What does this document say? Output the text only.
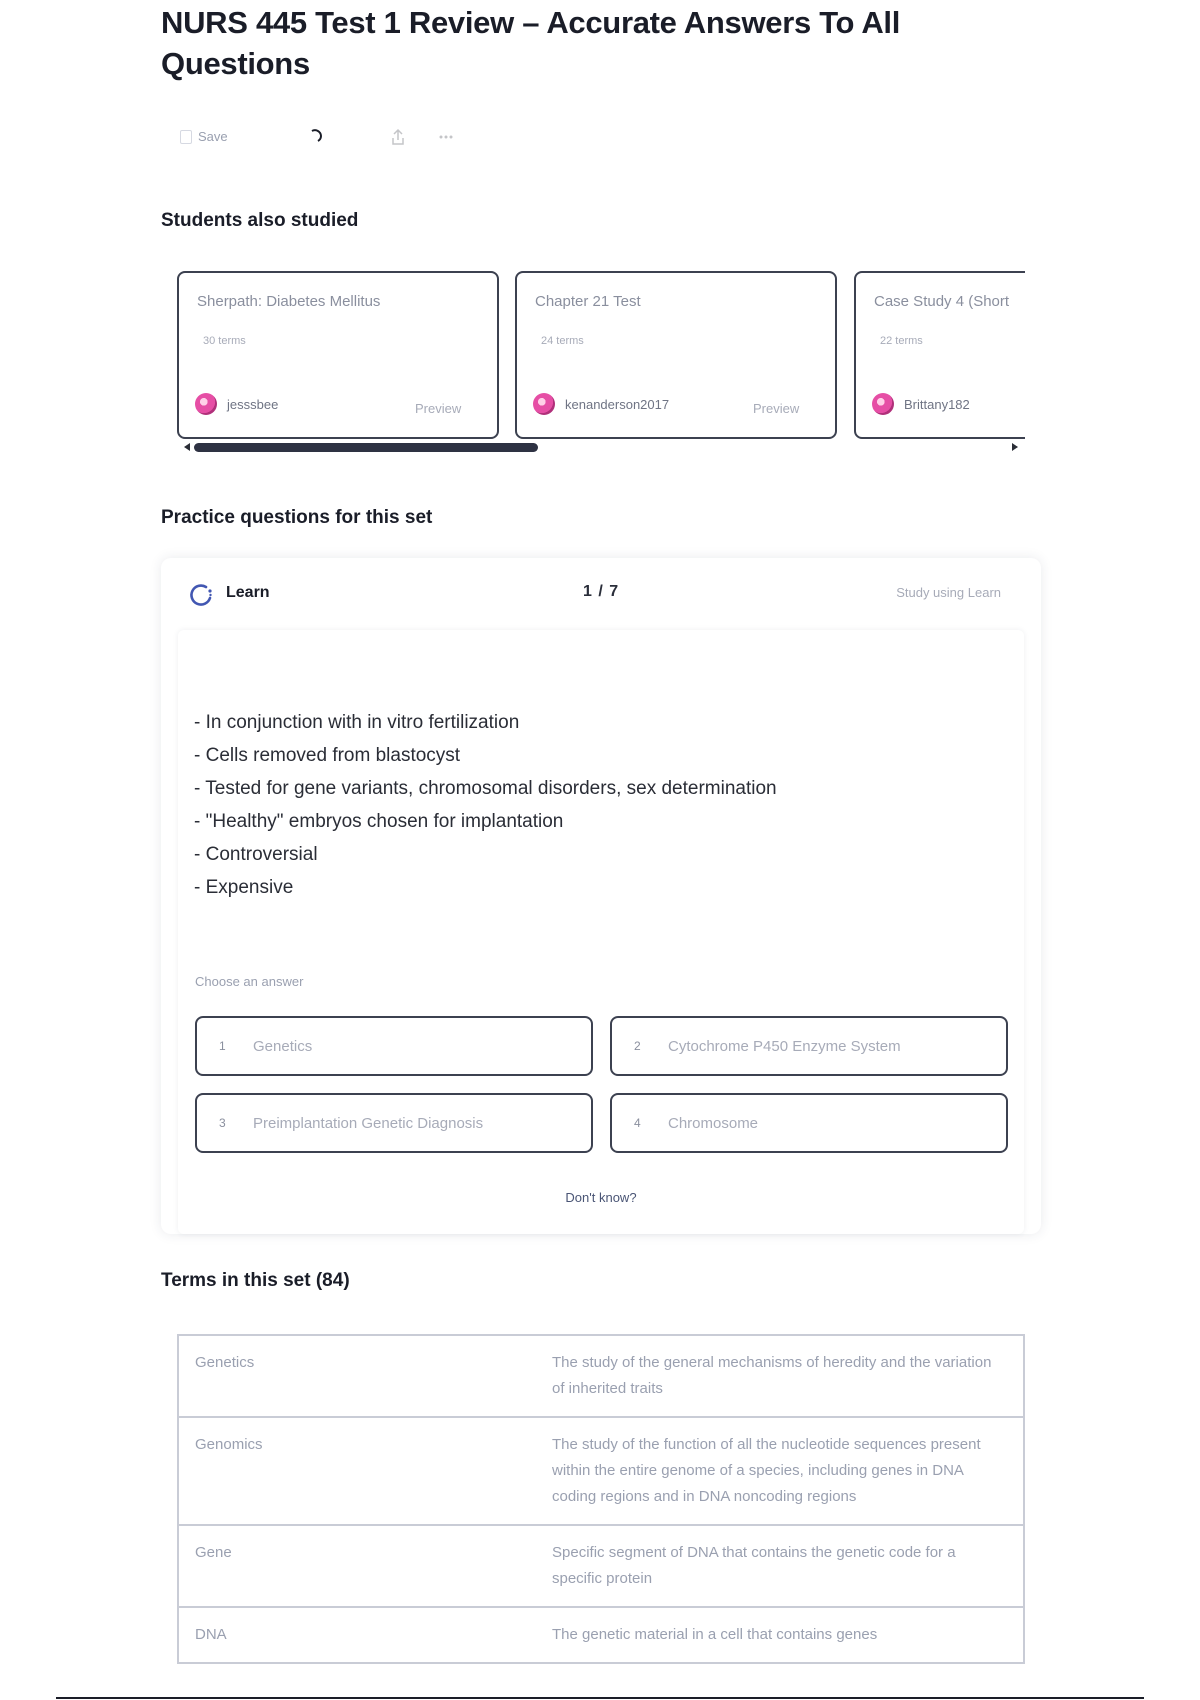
NURS 445 Test 1 Review – Accurate Answers To All Questions
Save
Students also studied
Sherpath: Diabetes Mellitus
30 terms
jesssbee	Preview
Chapter 21 Test
24 terms
kenanderson2017	Preview
Case Study 4 (Short
22 terms
Brittany182
Practice questions for this set
Learn	1 / 7	Study using Learn
- In conjunction with in vitro fertilization
- Cells removed from blastocyst
- Tested for gene variants, chromosomal disorders, sex determination
- "Healthy" embryos chosen for implantation
- Controversial
- Expensive
Choose an answer
1	Genetics	2	Cytochrome P450 Enzyme System
3	Preimplantation Genetic Diagnosis	4	Chromosome
Don't know?
Terms in this set (84)
Genetics	The study of the general mechanisms of heredity and the variation of inherited traits
Genomics	The study of the function of all the nucleotide sequences present within the entire genome of a species, including genes in DNA coding regions and in DNA noncoding regions
Gene	Specific segment of DNA that contains the genetic code for a specific protein
DNA	The genetic material in a cell that contains genes
